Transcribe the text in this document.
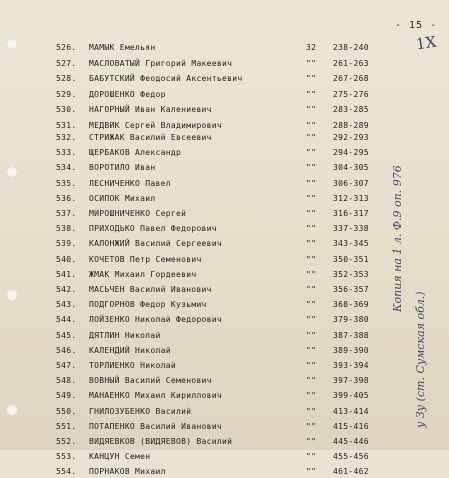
- 15 -
1X
526. МАМЫК Емельян	32 238-240
527. МАСЛОВАТЫЙ Григорий Макеевич	"" 261-263
528. БАБУТСКИЙ Феодосий Аксентьевич	"" 267-268
529. ДОРОШЕНКО Федор	"" 275-276
530. НАГОРНЫЙ Иван Калениевич	"" 283-285
531. МЕДВИК Сергей Владимирович	"" 288-289
532. СТРИЖАК Василий Евсеевич	"" 292-293
533. ЩЕРБАКОВ Александр	"" 294-295
534. ВОРОТИЛО Иван	"" 304-305
535. ЛЕСНИЧЕНКО Павел	"" 306-307
536. ОСИПОК Михаил	"" 312-313
537. МИРОШНИЧЕНКО Сергей	"" 316-317
538. ПРИХОДЬКО Павел Федорович	"" 337-338
539. КАЛОНЖИЙ Василий Сергеевич	"" 343-345
540. КОЧЕТОВ Петр Семенович	"" 350-351
541. ЖМАК Михаил Гордеевич	"" 352-353
542. МАСЬЧЕН Василий Иванович	"" 356-357
543. ПОДГОРНОВ Федор Кузьмич	"" 368-369
544. ЛОЙЗЕНКО Николай Федорович	"" 379-380
545. ДЯТЛИН Николай	"" 387-388
546. КАЛЕНДИЙ Николай	"" 389-390
547. ТОРЛИЕНКО Николай	"" 393-394
548. ВОВНЫЙ Василий Семенович	"" 397-398
549. МАНАЕНКО Михаил Кириллович	"" 399-405
550. ГНИЛОЗУБЕНКО Василий	"" 413-414
551. ПОТАПЕНКО Василий Иванович	"" 415-416
552. ВИДЯЕВКОВ (ВИДЯЕВОВ) Василий	"" 445-446
553. КАНЦУН Семен	"" 455-456
554. ПОРНАКОВ Михаил	"" 461-462
Копия на 1 л. Ф.9 оп. 976
у Зу (ст. Сумская обл.)
